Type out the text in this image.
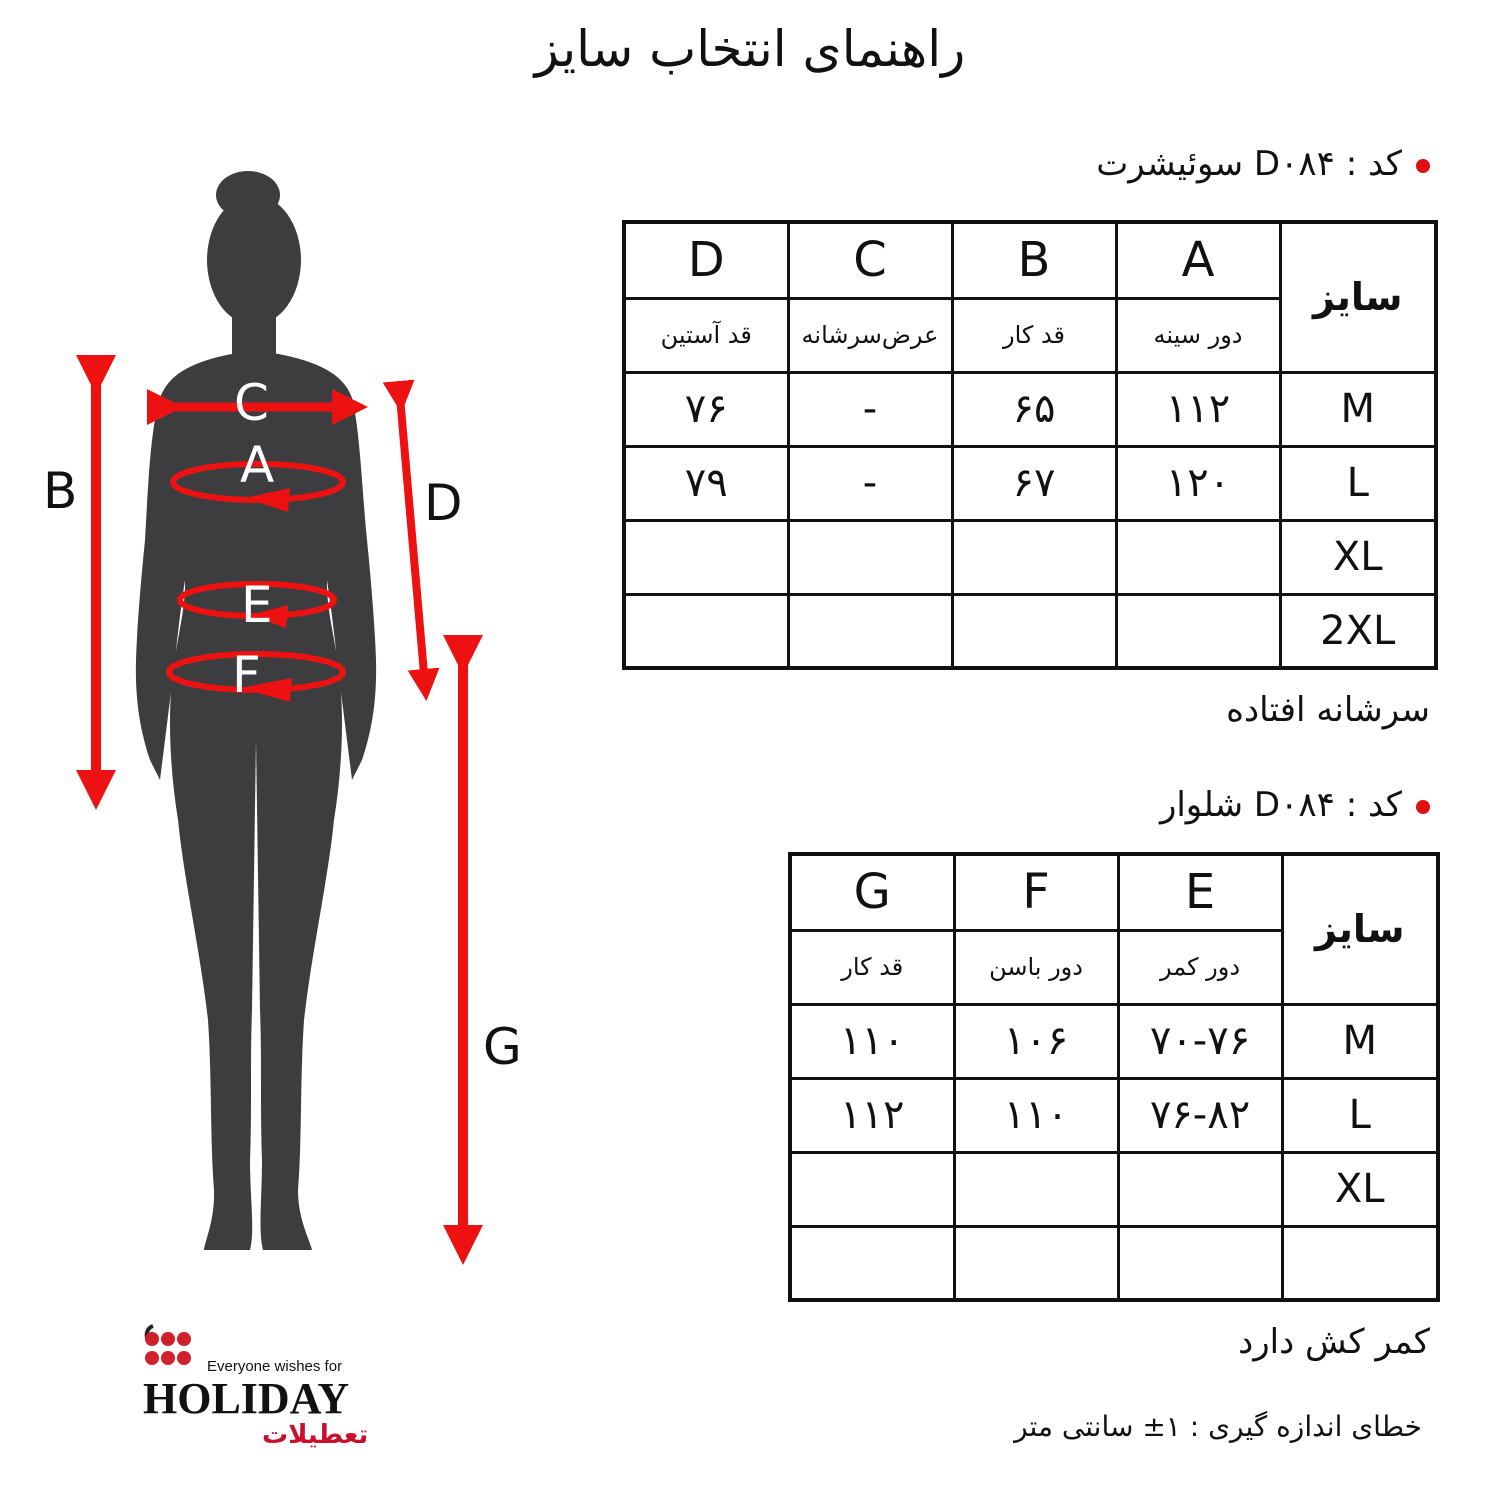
راهنمای انتخاب سایز
B
C
A
D
E
F
G
کد : D۰۸۴ سوئیشرت
D	C	B	A	سایز
قد آستین	عرض‌سرشانه	قد کار	دور سینه	
۷۶	-	۶۵	۱۱۲	M
۷۹	-	۶۷	۱۲۰	L
				XL
				2XL
سرشانه افتاده
کد : D۰۸۴ شلوار
G	F	E	سایز
قد کار	دور باسن	دور کمر	
۱۱۰	۱۰۶	۷۰-۷۶	M
۱۱۲	۱۱۰	۷۶-۸۲	L
			XL

کمر کش دارد
خطای اندازه گیری : ۱± سانتی متر
Everyone wishes for
HOLIDAY
تعطیلات
